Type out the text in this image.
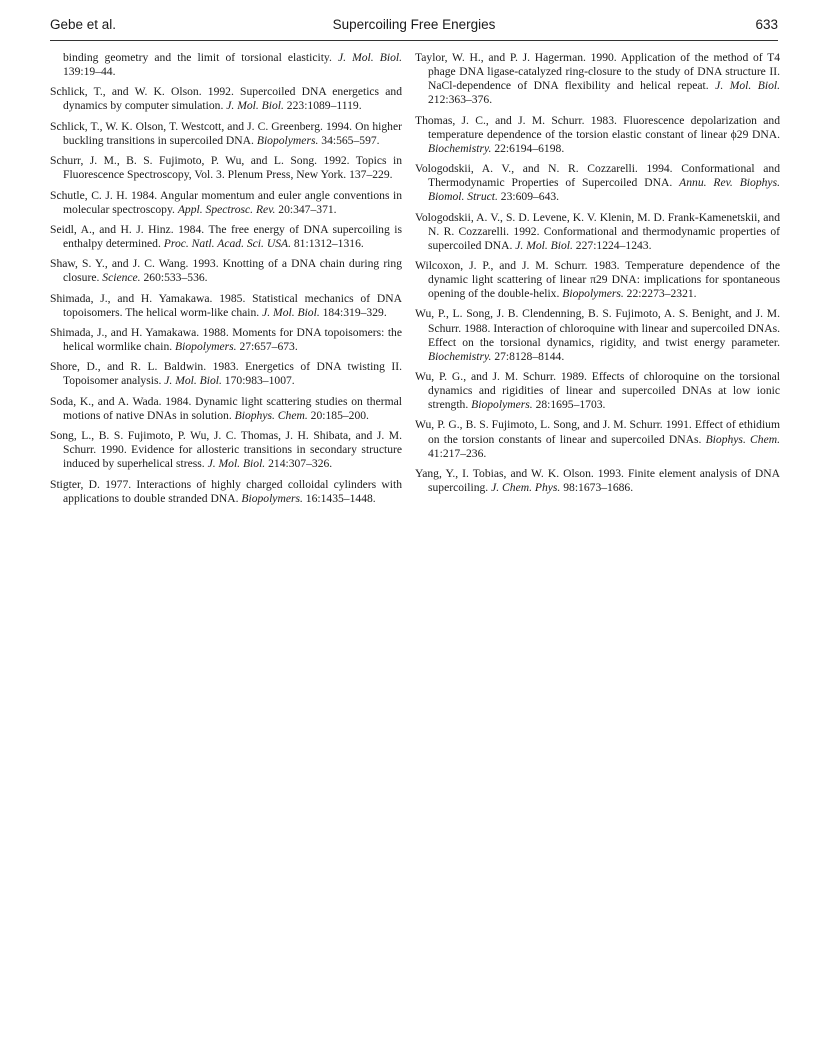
Gebe et al.	Supercoiling Free Energies	633

binding geometry and the limit of torsional elasticity. J. Mol. Biol. 139:19–44.

Schlick, T., and W. K. Olson. 1992. Supercoiled DNA energetics and dynamics by computer simulation. J. Mol. Biol. 223:1089–1119.

Schlick, T., W. K. Olson, T. Westcott, and J. C. Greenberg. 1994. On higher buckling transitions in supercoiled DNA. Biopolymers. 34:565–597.

Schurr, J. M., B. S. Fujimoto, P. Wu, and L. Song. 1992. Topics in Fluorescence Spectroscopy, Vol. 3. Plenum Press, New York. 137–229.

Schutle, C. J. H. 1984. Angular momentum and euler angle conventions in molecular spectroscopy. Appl. Spectrosc. Rev. 20:347–371.

Seidl, A., and H. J. Hinz. 1984. The free energy of DNA supercoiling is enthalpy determined. Proc. Natl. Acad. Sci. USA. 81:1312–1316.

Shaw, S. Y., and J. C. Wang. 1993. Knotting of a DNA chain during ring closure. Science. 260:533–536.

Shimada, J., and H. Yamakawa. 1985. Statistical mechanics of DNA topoisomers. The helical worm-like chain. J. Mol. Biol. 184:319–329.

Shimada, J., and H. Yamakawa. 1988. Moments for DNA topoisomers: the helical wormlike chain. Biopolymers. 27:657–673.

Shore, D., and R. L. Baldwin. 1983. Energetics of DNA twisting II. Topoisomer analysis. J. Mol. Biol. 170:983–1007.

Soda, K., and A. Wada. 1984. Dynamic light scattering studies on thermal motions of native DNAs in solution. Biophys. Chem. 20:185–200.

Song, L., B. S. Fujimoto, P. Wu, J. C. Thomas, J. H. Shibata, and J. M. Schurr. 1990. Evidence for allosteric transitions in secondary structure induced by superhelical stress. J. Mol. Biol. 214:307–326.

Stigter, D. 1977. Interactions of highly charged colloidal cylinders with applications to double stranded DNA. Biopolymers. 16:1435–1448.

Taylor, W. H., and P. J. Hagerman. 1990. Application of the method of T4 phage DNA ligase-catalyzed ring-closure to the study of DNA structure II. NaCl-dependence of DNA flexibility and helical repeat. J. Mol. Biol. 212:363–376.

Thomas, J. C., and J. M. Schurr. 1983. Fluorescence depolarization and temperature dependence of the torsion elastic constant of linear ϕ29 DNA. Biochemistry. 22:6194–6198.

Vologodskii, A. V., and N. R. Cozzarelli. 1994. Conformational and Thermodynamic Properties of Supercoiled DNA. Annu. Rev. Biophys. Biomol. Struct. 23:609–643.

Vologodskii, A. V., S. D. Levene, K. V. Klenin, M. D. Frank-Kamenetskii, and N. R. Cozzarelli. 1992. Conformational and thermodynamic properties of supercoiled DNA. J. Mol. Biol. 227:1224–1243.

Wilcoxon, J. P., and J. M. Schurr. 1983. Temperature dependence of the dynamic light scattering of linear π29 DNA: implications for spontaneous opening of the double-helix. Biopolymers. 22:2273–2321.

Wu, P., L. Song, J. B. Clendenning, B. S. Fujimoto, A. S. Benight, and J. M. Schurr. 1988. Interaction of chloroquine with linear and supercoiled DNAs. Effect on the torsional dynamics, rigidity, and twist energy parameter. Biochemistry. 27:8128–8144.

Wu, P. G., and J. M. Schurr. 1989. Effects of chloroquine on the torsional dynamics and rigidities of linear and supercoiled DNAs at low ionic strength. Biopolymers. 28:1695–1703.

Wu, P. G., B. S. Fujimoto, L. Song, and J. M. Schurr. 1991. Effect of ethidium on the torsion constants of linear and supercoiled DNAs. Biophys. Chem. 41:217–236.

Yang, Y., I. Tobias, and W. K. Olson. 1993. Finite element analysis of DNA supercoiling. J. Chem. Phys. 98:1673–1686.
